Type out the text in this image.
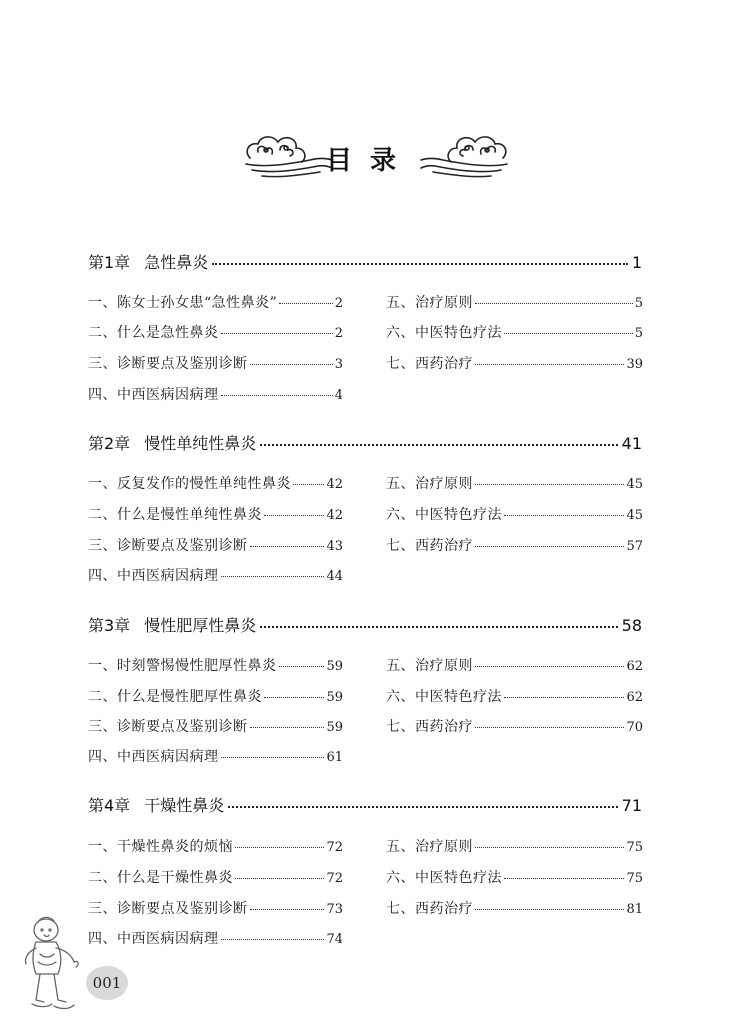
目录
第1章 急性鼻炎	1
一、陈女士孙女患“急性鼻炎”	2
二、什么是急性鼻炎	2
三、诊断要点及鉴别诊断	3
四、中西医病因病理	4
五、治疗原则	5
六、中医特色疗法	5
七、西药治疗	39
第2章 慢性单纯性鼻炎	41
一、反复发作的慢性单纯性鼻炎	42
二、什么是慢性单纯性鼻炎	42
三、诊断要点及鉴别诊断	43
四、中西医病因病理	44
五、治疗原则	45
六、中医特色疗法	45
七、西药治疗	57
第3章 慢性肥厚性鼻炎	58
一、时刻警惕慢性肥厚性鼻炎	59
二、什么是慢性肥厚性鼻炎	59
三、诊断要点及鉴别诊断	59
四、中西医病因病理	61
五、治疗原则	62
六、中医特色疗法	62
七、西药治疗	70
第4章 干燥性鼻炎	71
一、干燥性鼻炎的烦恼	72
二、什么是干燥性鼻炎	72
三、诊断要点及鉴别诊断	73
四、中西医病因病理	74
五、治疗原则	75
六、中医特色疗法	75
七、西药治疗	81
001
